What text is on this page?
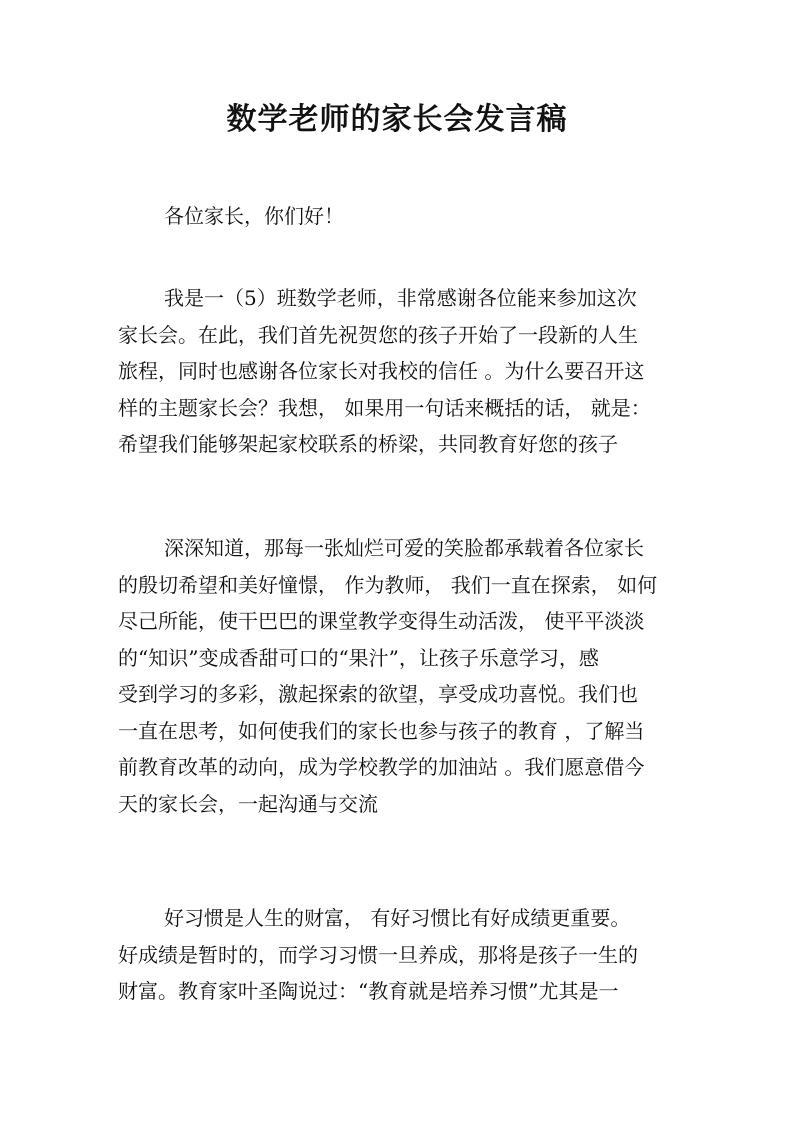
数学老师的家长会发言稿
各位家长，你们好！
我是一（5）班数学老师，非常感谢各位能来参加这次
家长会。在此，我们首先祝贺您的孩子开始了一段新的人生
旅程，同时也感谢各位家长对我校的信任 。为什么要召开这
样的主题家长会？我想， 如果用一句话来概括的话， 就是：
希望我们能够架起家校联系的桥梁，共同教育好您的孩子
深深知道，那每一张灿烂可爱的笑脸都承载着各位家长
的殷切希望和美好憧憬， 作为教师， 我们一直在探索， 如何
尽己所能，使干巴巴的课堂教学变得生动活泼， 使平平淡淡
的“知识”变成香甜可口的“果汁”，让孩子乐意学习，感
受到学习的多彩，激起探索的欲望，享受成功喜悦。我们也
一直在思考，如何使我们的家长也参与孩子的教育 ，了解当
前教育改革的动向，成为学校教学的加油站 。我们愿意借今
天的家长会，一起沟通与交流
好习惯是人生的财富， 有好习惯比有好成绩更重要。
好成绩是暂时的，而学习习惯一旦养成，那将是孩子一生的
财富。教育家叶圣陶说过：“教育就是培养习惯”尤其是一
